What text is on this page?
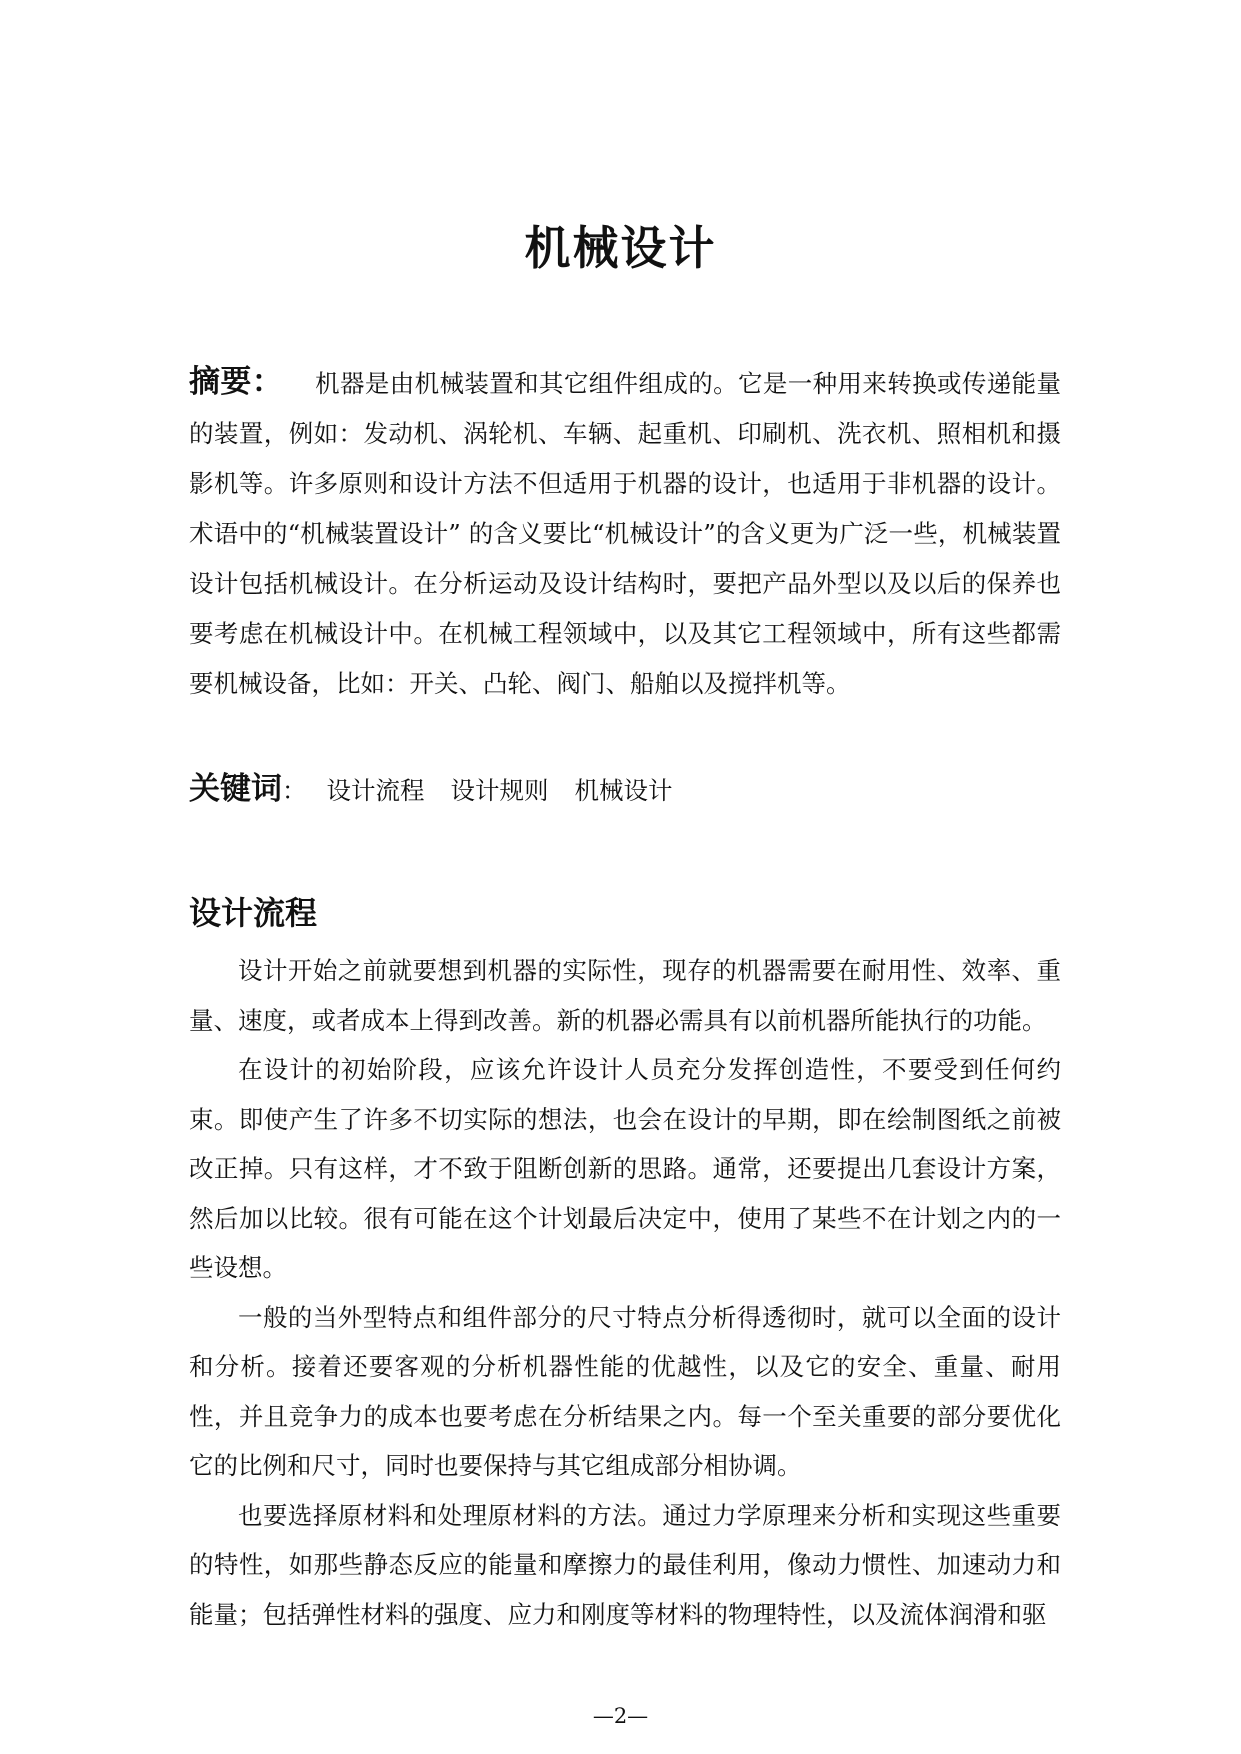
机械设计
摘要： 机器是由机械装置和其它组件组成的。它是一种用来转换或传递能量的装置，例如：发动机、涡轮机、车辆、起重机、印刷机、洗衣机、照相机和摄影机等。许多原则和设计方法不但适用于机器的设计，也适用于非机器的设计。术语中的“机械装置设计” 的含义要比“机械设计”的含义更为广泛一些，机械装置设计包括机械设计。在分析运动及设计结构时，要把产品外型以及以后的保养也要考虑在机械设计中。在机械工程领域中，以及其它工程领域中，所有这些都需要机械设备，比如：开关、凸轮、阀门、船舶以及搅拌机等。
关键词： 设计流程 设计规则 机械设计
设计流程

设计开始之前就要想到机器的实际性，现存的机器需要在耐用性、效率、重量、速度，或者成本上得到改善。新的机器必需具有以前机器所能执行的功能。

在设计的初始阶段，应该允许设计人员充分发挥创造性，不要受到任何约束。即使产生了许多不切实际的想法，也会在设计的早期，即在绘制图纸之前被改正掉。只有这样，才不致于阻断创新的思路。通常，还要提出几套设计方案，然后加以比较。很有可能在这个计划最后决定中，使用了某些不在计划之内的一些设想。

一般的当外型特点和组件部分的尺寸特点分析得透彻时，就可以全面的设计和分析。接着还要客观的分析机器性能的优越性，以及它的安全、重量、耐用性，并且竞争力的成本也要考虑在分析结果之内。每一个至关重要的部分要优化它的比例和尺寸，同时也要保持与其它组成部分相协调。

也要选择原材料和处理原材料的方法。通过力学原理来分析和实现这些重要的特性，如那些静态反应的能量和摩擦力的最佳利用，像动力惯性、加速动力和能量；包括弹性材料的强度、应力和刚度等材料的物理特性，以及流体润滑和驱

—2—
